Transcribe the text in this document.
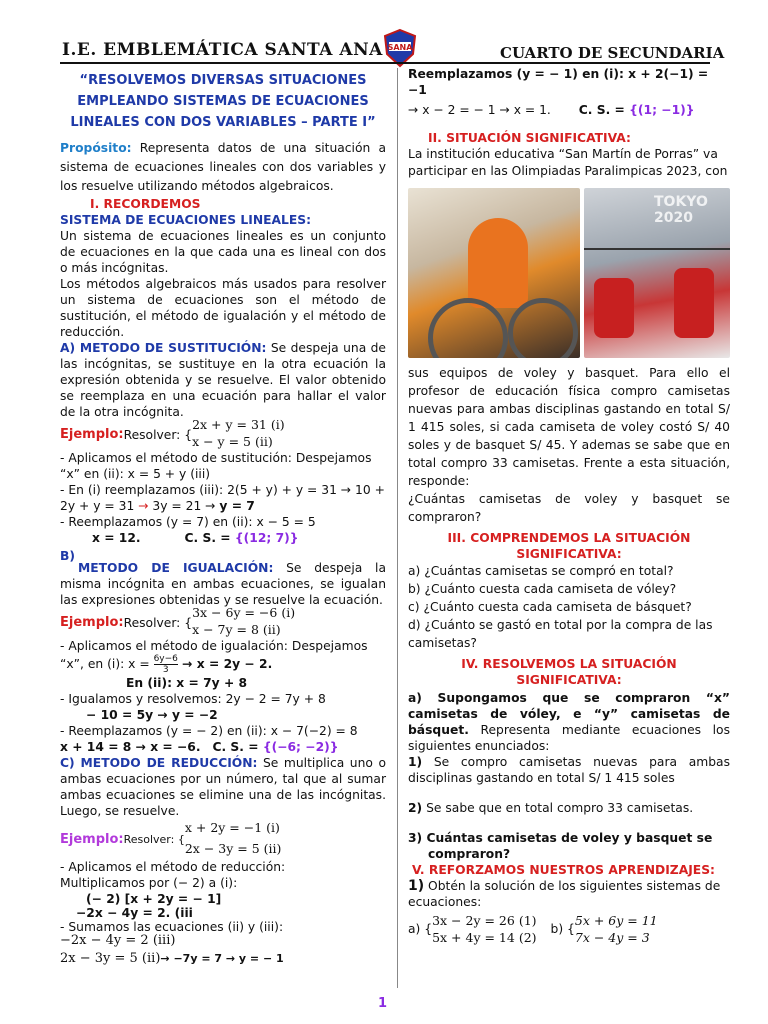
I.E. EMBLEMÁTICA SANTA ANA SANA	CUARTO DE SECUNDARIA

“RESOLVEMOS DIVERSAS SITUACIONES EMPLEANDO SISTEMAS DE ECUACIONES LINEALES CON DOS VARIABLES – PARTE I”

Propósito: Representa datos de una situación a sistema de ecuaciones lineales con dos variables y los resuelve utilizando métodos algebraicos.

I. RECORDEMOS

SISTEMA DE ECUACIONES LINEALES:

Un sistema de ecuaciones lineales es un conjunto de ecuaciones en la que cada una es lineal con dos o más incógnitas.

Los métodos algebraicos más usados para resolver un sistema de ecuaciones son el método de sustitución, el método de igualación y el método de reducción.

A) METODO DE SUSTITUCIÓN: Se despeja una de las incógnitas, se sustituye en la otra ecuación la expresión obtenida y se resuelve. El valor obtenido se reemplaza en una ecuación para hallar el valor de la otra incógnita.

Ejemplo: Resolver: {
2x + y = 31 (i)
x − y = 5 (ii)

- Aplicamos el método de sustitución: Despejamos “x” en (ii): x = 5 + y (iii)

- En (i) reemplazamos (iii): 2(5 + y) + y = 31 → 10 + 2y + y = 31 → 3y = 21 → y = 7

- Reemplazamos (y = 7) en (ii): x − 5 = 5

x = 12.	C. S. = {(12; 7)}

B)

METODO DE IGUALACIÓN: Se despeja la misma incógnita en ambas ecuaciones, se igualan las expresiones obtenidas y se resuelve la ecuación.

Ejemplo: Resolver: {
3x − 6y = −6 (i)
x − 7y = 8 (ii)

- Aplicamos el método de igualación: Despejamos “x”, en (i): $x = \frac{6y-6}{3} \to x = 2y - 2$.

En (ii): x = 7y + 8

- Igualamos y resolvemos: 2y − 2 = 7y + 8

− 10 = 5y → y = −2

- Reemplazamos (y = − 2) en (ii): x − 7(−2) = 8

x + 14 = 8 → x = −6. C. S. = {(−6; −2)}

C) METODO DE REDUCCIÓN: Se multiplica uno o ambas ecuaciones por un número, tal que al sumar ambas ecuaciones se elimine una de las incógnitas. Luego, se resuelve.

Ejemplo: Resolver: {
x + 2y = −1 (i)
2x − 3y = 5 (ii)

- Aplicamos el método de reducción:

Multiplicamos por (− 2) a (i):

(− 2) [x + 2y = − 1]

−2x − 4y = 2. (iii

- Sumamos las ecuaciones (ii) y (iii):

−2x − 4y = 2 (iii)

2x − 3y = 5 (ii)→ −7y = 7 → y = − 1

Reemplazamos (y = − 1) en (i): x + 2(−1) = −1

→ x − 2 = − 1 → x = 1. C. S. = {(1; −1)}

II. SITUACIÓN SIGNIFICATIVA:

La institución educativa “San Martín de Porras” va participar en las Olimpiadas Paralimpicas 2023, con

TOKYO 2020

sus equipos de voley y basquet. Para ello el profesor de educación física compro camisetas nuevas para ambas disciplinas gastando en total S/ 1 415 soles, si cada camiseta de voley costó S/ 40 soles y de basquet S/ 45. Y ademas se sabe que en total compro 33 camisetas. Frente a esta situación, responde:

¿Cuántas camisetas de voley y basquet se compraron?

III. COMPRENDEMOS LA SITUACIÓN SIGNIFICATIVA:

a) ¿Cuántas camisetas se compró en total?

b) ¿Cuánto cuesta cada camiseta de vóley?

c) ¿Cuánto cuesta cada camiseta de básquet?

d) ¿Cuánto se gastó en total por la compra de las camisetas?

IV. RESOLVEMOS LA SITUACIÓN SIGNIFICATIVA:

a) Supongamos que se compraron “x” camisetas de vóley, e “y” camisetas de básquet. Representa mediante ecuaciones los siguientes enunciados:

1) Se compro camisetas nuevas para ambas disciplinas gastando en total S/ 1 415 soles

2) Se sabe que en total compro 33 camisetas.

3) Cuántas camisetas de voley y basquet se compraron?

V. REFORZAMOS NUESTROS APRENDIZAJES:

1) Obtén la solución de los siguientes sistemas de ecuaciones:

a) {
3x − 2y = 26 (1)
5x + 4y = 14 (2)
b) {
5x + 6y = 11
7x − 4y = 3
1
